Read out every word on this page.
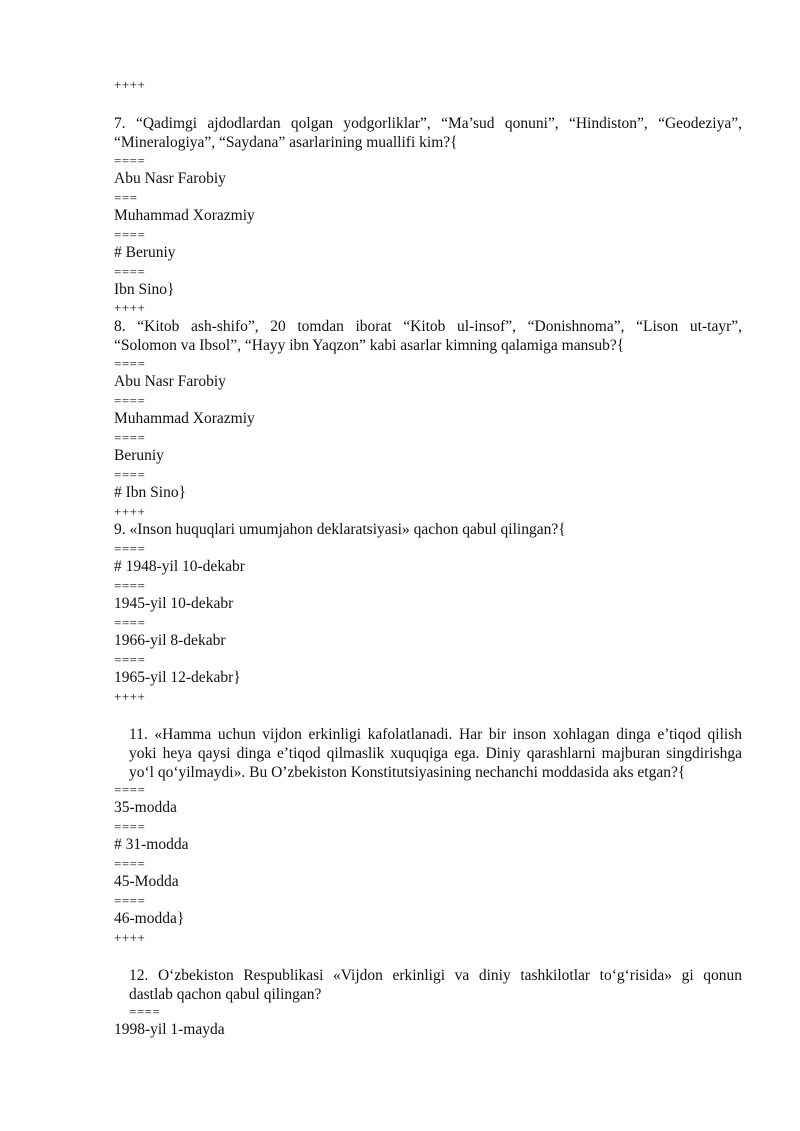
++++
7. “Qadimgi ajdodlardan qolgan yodgorliklar”, “Ma’sud qonuni”, “Hindiston”, “Geodeziya”,
“Mineralogiya”, “Saydana” asarlarining muallifi kim?{
====
Abu Nasr Farobiy
===
Muhammad Xorazmiy
====
# Beruniy
====
Ibn Sino}
++++
8. “Kitob ash-shifo”, 20 tomdan iborat “Kitob ul-insof”, “Donishnoma”, “Lison ut-tayr”,
“Solomon va Ibsol”, “Hayy ibn Yaqzon” kabi asarlar kimning qalamiga mansub?{
====
Abu Nasr Farobiy
====
Muhammad Xorazmiy
====
Beruniy
====
# Ibn Sino}
++++
9. «Inson huquqlari umumjahon deklaratsiyasi» qachon qabul qilingan?{
====
# 1948-yil 10-dekabr
====
1945-yil 10-dekabr
====
1966-yil 8-dekabr
====
1965-yil 12-dekabr}
++++
11. «Hamma uchun vijdon erkinligi kafolatlanadi. Har bir inson xohlagan dinga e’tiqod qilish
yoki heya qaysi dinga e’tiqod qilmaslik xuquqiga ega. Diniy qarashlarni majburan singdirishga
yo‘l qo‘yilmaydi». Bu O’zbekiston Konstitutsiyasining nechanchi moddasida aks etgan?{
====
35-modda
====
# 31-modda
====
45-Modda
====
46-modda}
++++
12. O‘zbekiston Respublikasi «Vijdon erkinligi va diniy tashkilotlar to‘g‘risida» gi qonun
dastlab qachon qabul qilingan?
====
1998-yil 1-mayda
